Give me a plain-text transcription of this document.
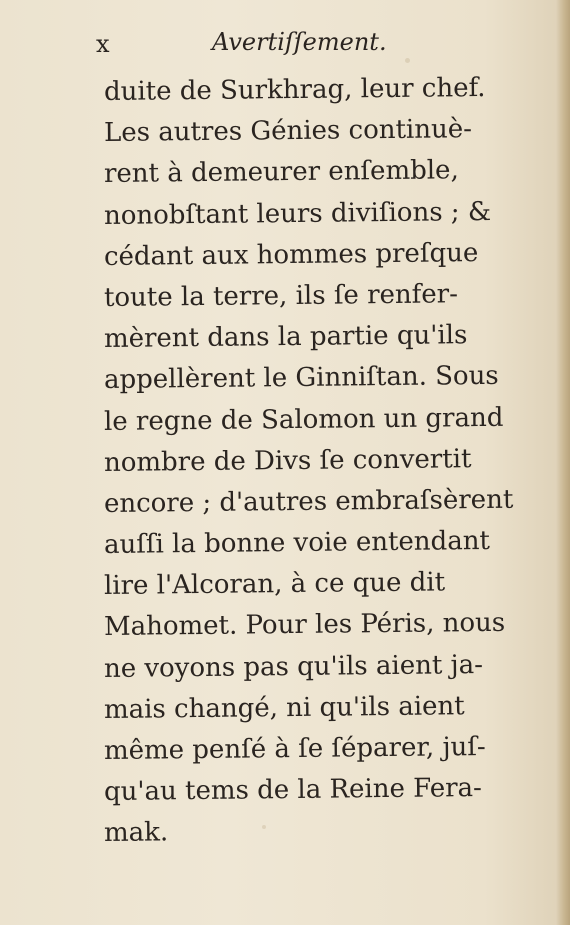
x	Avertiſſement.
duite de Surkhrag, leur chef.
Les autres Génies continuè-
rent à demeurer enſemble,
nonobſtant leurs diviſions ; &
cédant aux hommes preſque
toute la terre, ils ſe renfer-
mèrent dans la partie qu'ils
appellèrent le Ginniſtan. Sous
le regne de Salomon un grand
nombre de Divs ſe convertit
encore ; d'autres embraſsèrent
auſſi la bonne voie entendant
lire l'Alcoran, à ce que dit
Mahomet. Pour les Péris, nous
ne voyons pas qu'ils aient ja-
mais changé, ni qu'ils aient
même penſé à ſe ſéparer, juſ-
qu'au tems de la Reine Fera-
mak.
